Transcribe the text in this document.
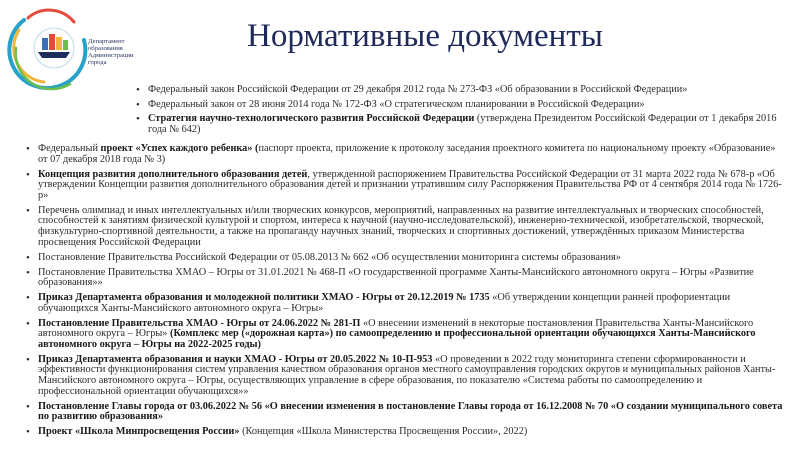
Департамент образования Администрации города
Нормативные документы
• Федеральный закон Российской Федерации от 29 декабря 2012 года № 273-ФЗ «Об образовании в Российской Федерации»
• Федеральный закон от 28 июня 2014 года № 172-ФЗ «О стратегическом планировании в Российской Федерации»
• Стратегия научно-технологического развития Российской Федерации (утверждена Президентом Российской Федерации от 1 декабря 2016 года № 642)
• Федеральный проект «Успех каждого ребенка» (паспорт проекта, приложение к протоколу заседания проектного комитета по национальному проекту «Образование» от 07 декабря 2018 года № 3)
• Концепция развития дополнительного образования детей, утвержденной распоряжением Правительства Российской Федерации от 31 марта 2022 года № 678-р «Об утверждении Концепции развития дополнительного образования детей и признании утратившим силу Распоряжения Правительства РФ от 4 сентября 2014 года № 1726-р»
• Перечень олимпиад и иных интеллектуальных и/или творческих конкурсов, мероприятий, направленных на развитие интеллектуальных и творческих способностей, способностей к занятиям физической культурой и спортом, интереса к научной (научно-исследовательской), инженерно-технической, изобретательской, творческой, физкультурно-спортивной деятельности, а также на пропаганду научных знаний, творческих и спортивных достижений, утверждённых приказом Министерства просвещения Российской Федерации
• Постановление Правительства Российской Федерации от 05.08.2013 № 662 «Об осуществлении мониторинга системы образования»
• Постановление Правительства ХМАО – Югры от 31.01.2021 № 468-П «О государственной программе Ханты-Мансийского автономного округа – Югры «Развитие образования»»
• Приказ Департамента образования и молодежной политики ХМАО - Югры от 20.12.2019 № 1735 «Об утверждении концепции ранней профориентации обучающихся Ханты-Мансийского автономного округа – Югры»
• Постановление Правительства ХМАО - Югры от 24.06.2022 № 281-П «О внесении изменений в некоторые постановления Правительства Ханты-Мансийского автономного округа – Югры» (Комплекс мер («дорожная карта») по самоопределению и профессиональной ориентации обучающихся Ханты-Мансийского автономного округа – Югры на 2022-2025 годы)
• Приказ Департамента образования и науки ХМАО - Югры от 20.05.2022 № 10-П-953 «О проведении в 2022 году мониторинга степени сформированности и эффективности функционирования систем управления качеством образования органов местного самоуправления городских округов и муниципальных районов Ханты-Мансийского автономного округа – Югры, осуществляющих управление в сфере образования, по показателю «Система работы по самоопределению и профессиональной ориентации обучающихся»»
• Постановление Главы города от 03.06.2022 № 56 «О внесении изменения в постановление Главы города от 16.12.2008 № 70 «О создании муниципального совета по развитию образования»
• Проект «Школа Минпросвещения России» (Концепция «Школа Министерства Просвещения России», 2022)
